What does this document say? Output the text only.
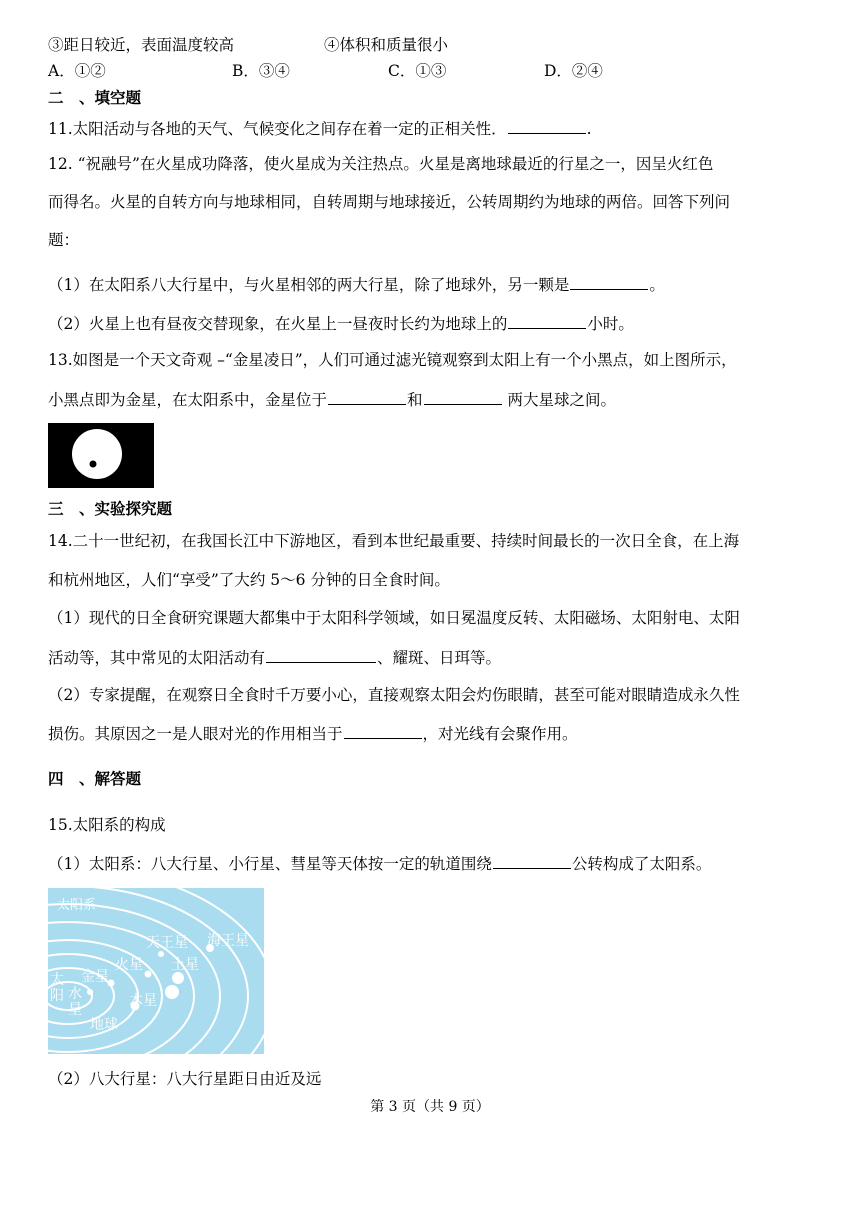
③距日较近，表面温度较高	④体积和质量很小
A．①②	B．③④	C．①③	D．②④
二　、填空题
11.太阳活动与各地的天气、气候变化之间存在着一定的正相关性．	.
12. “祝融号”在火星成功降落，使火星成为关注热点。火星是离地球最近的行星之一，因呈火红色
而得名。火星的自转方向与地球相同，自转周期与地球接近，公转周期约为地球的两倍。回答下列问
题：
（1）在太阳系八大行星中，与火星相邻的两大行星，除了地球外，另一颗是	。
（2）火星上也有昼夜交替现象，在火星上一昼夜时长约为地球上的	小时。
13.如图是一个天文奇观 –“金星凌日”，人们可通过滤光镜观察到太阳上有一个小黑点，如上图所示，
小黑点即为金星，在太阳系中，金星位于	和	两大星球之间。
三　、实验探究题
14.二十一世纪初，在我国长江中下游地区，看到本世纪最重要、持续时间最长的一次日全食，在上海
和杭州地区，人们“享受”了大约 5～6 分钟的日全食时间。
（1）现代的日全食研究课题大都集中于太阳科学领域，如日冕温度反转、太阳磁场、太阳射电、太阳
活动等，其中常见的太阳活动有	、耀斑、日珥等。
（2）专家提醒，在观察日全食时千万要小心，直接观察太阳会灼伤眼睛，甚至可能对眼睛造成永久性
损伤。其原因之一是人眼对光的作用相当于	，对光线有会聚作用。
四　、解答题
15.太阳系的构成
（1）太阳系：八大行星、小行星、彗星等天体按一定的轨道围绕	公转构成了太阳系。
太阳系
太阳 水星
金星
地球
火星
木星
土星
天王星 海王星
（2）八大行星：八大行星距日由近及远
第 3 页（共 9 页）
